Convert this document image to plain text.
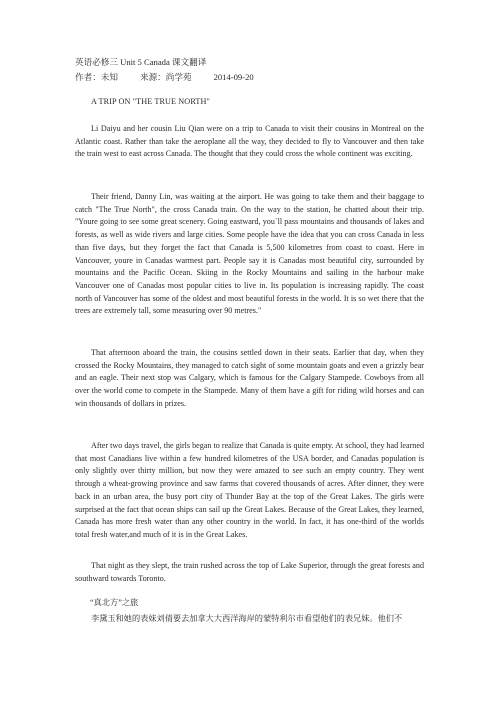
英语必修三 Unit 5 Canada 课文翻译
作者：未知	来源：尚学苑	2014-09-20
A TRIP ON "THE TRUE NORTH"

Li Daiyu and her cousin Liu Qian were on a trip to Canada to visit their cousins in Montreal on the Atlantic coast. Rather than take the aeroplane all the way, they decided to fly to Vancouver and then take the train west to east across Canada. The thought that they could cross the whole continent was exciting.

Their friend, Danny Lin, was waiting at the airport. He was going to take them and their baggage to catch "The True North", the cross Canada train. On the way to the station, he chatted about their trip. "Youre going to see some great scenery. Going eastward, you`ll pass mountains and thousands of lakes and forests, as well as wide rivers and large cities. Some people have the idea that you can cross Canada in less than five days, but they forget the fact that Canada is 5,500 kilometres from coast to coast. Here in Vancouver, youre in Canadas warmest part. People say it is Canadas most beautiful city, surrounded by mountains and the Pacific Ocean. Skiing in the Rocky Mountains and sailing in the harbour make Vancouver one of Canadas most popular cities to live in. Its population is increasing rapidly. The coast north of Vancouver has some of the oldest and most beautiful forests in the world. It is so wet there that the trees are extremely tall, some measuring over 90 metres."

That afternoon aboard the train, the cousins settled down in their seats. Earlier that day, when they crossed the Rocky Mountains, they managed to catch sight of some mountain goats and even a grizzly bear and an eagle. Their next stop was Calgary, which is famous for the Calgary Stampede. Cowboys from all over the world come to compete in the Stampede. Many of them have a gift for riding wild horses and can win thousands of dollars in prizes.

After two days travel, the girls began to realize that Canada is quite empty. At school, they had learned that most Canadians live within a few hundred kilometres of the USA border, and Canadas population is only slightly over thirty million, but now they were amazed to see such an empty country. They went through a wheat-growing province and saw farms that covered thousands of acres. After dinner, they were back in an urban area, the busy port city of Thunder Bay at the top of the Great Lakes. The girls were surprised at the fact that ocean ships can sail up the Great Lakes. Because of the Great Lakes, they learned, Canada has more fresh water than any other country in the world. In fact, it has one-third of the worlds total fresh water,and much of it is in the Great Lakes.

That night as they slept, the train rushed across the top of Lake Superior, through the great forests and southward towards Toronto.

“真北方”之旅

李黛玉和她的表妹刘倩要去加拿大大西洋海岸的蒙特利尔市看望他们的表兄妹。他们不
